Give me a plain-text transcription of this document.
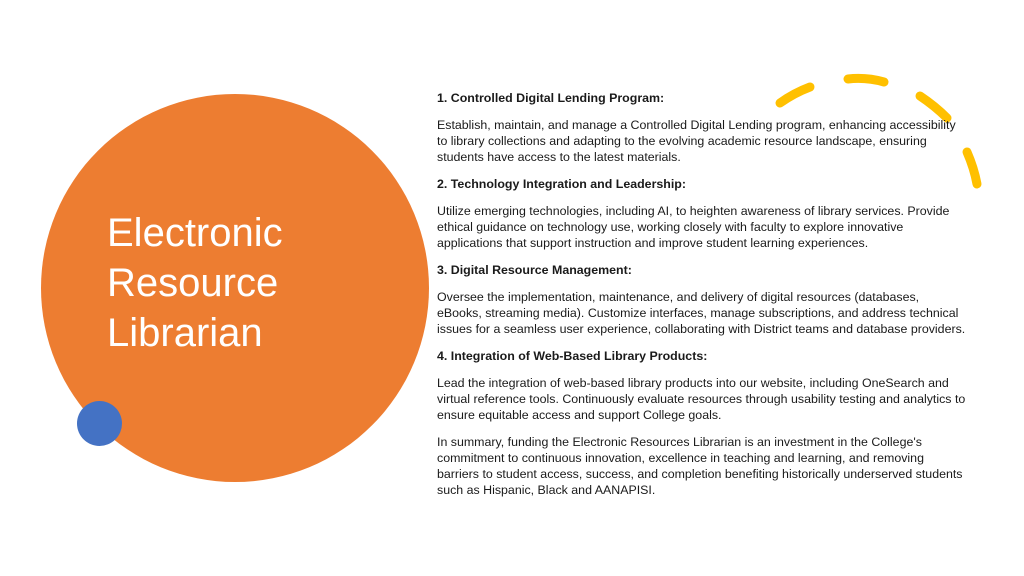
Electronic
Resource
Librarian

1. Controlled Digital Lending Program:

Establish, maintain, and manage a Controlled Digital Lending program, enhancing accessibility to library collections and adapting to the evolving academic resource landscape, ensuring students have access to the latest materials.

2. Technology Integration and Leadership:

Utilize emerging technologies, including AI, to heighten awareness of library services. Provide ethical guidance on technology use, working closely with faculty to explore innovative applications that support instruction and improve student learning experiences.

3. Digital Resource Management:

Oversee the implementation, maintenance, and delivery of digital resources (databases, eBooks, streaming media). Customize interfaces, manage subscriptions, and address technical issues for a seamless user experience, collaborating with District teams and database providers.

4. Integration of Web-Based Library Products:

Lead the integration of web-based library products into our website, including OneSearch and virtual reference tools. Continuously evaluate resources through usability testing and analytics to ensure equitable access and support College goals.

In summary, funding the Electronic Resources Librarian is an investment in the College's commitment to continuous innovation, excellence in teaching and learning, and removing barriers to student access, success, and completion benefiting historically underserved students such as Hispanic, Black and AANAPISI.
